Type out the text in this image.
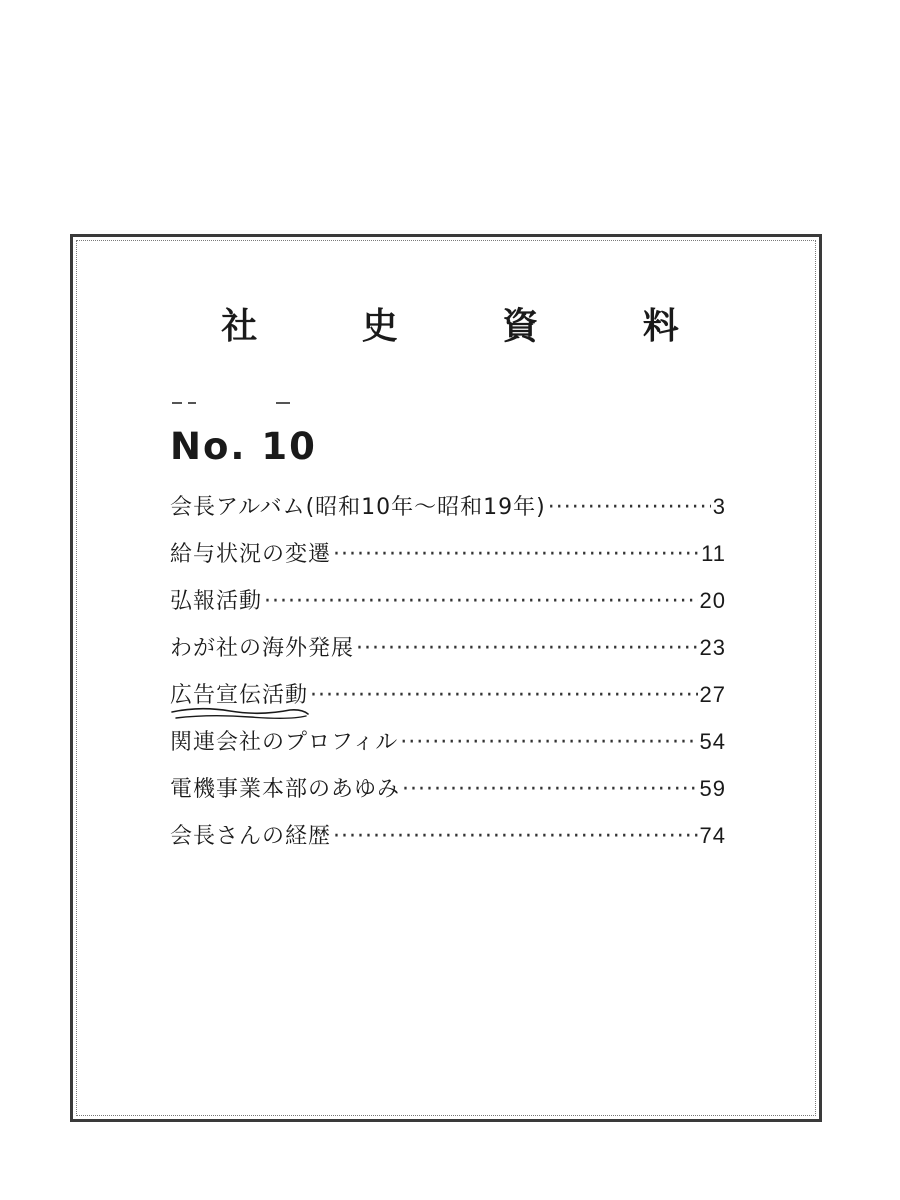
社 史 資 料
No. 10
会長アルバム(昭和10年～昭和19年) ·····	3
給与状況の変遷 ·····	11
弘報活動 ·····	20
わが社の海外発展 ·····	23
広告宣伝活動 ·····	27
関連会社のプロフィル ·····	54
電機事業本部のあゆみ ·····	59
会長さんの経歴 ·····	74
